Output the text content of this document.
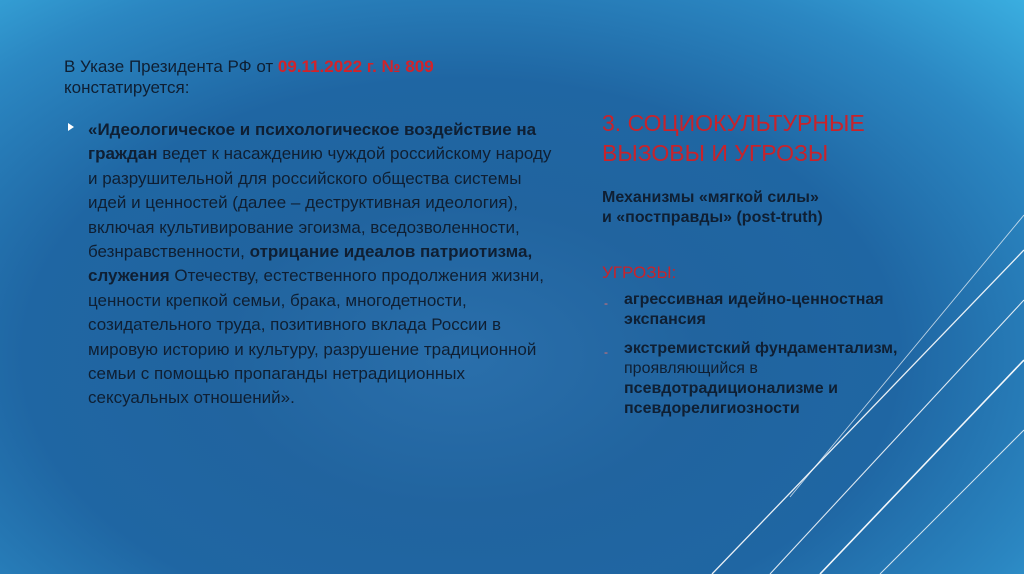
В Указе Президента РФ от 09.11.2022 г. № 809
констатируется:
«Идеологическое и психологическое воздействие на граждан ведет к насаждению чуждой российскому народу и разрушительной для российского общества системы идей и ценностей (далее – деструктивная идеология), включая культивирование эгоизма, вседозволенности, безнравственности, отрицание идеалов патриотизма, служения Отечеству, естественного продолжения жизни, ценности крепкой семьи, брака, многодетности, созидательного труда, позитивного вклада России в мировую историю и культуру, разрушение традиционной семьи с помощью пропаганды нетрадиционных сексуальных отношений».
3. СОЦИОКУЛЬТУРНЫЕ ВЫЗОВЫ И УГРОЗЫ
Механизмы «мягкой силы»
и «постправды» (post-truth)
УГРОЗЫ:
- агрессивная идейно-ценностная экспансия
- экстремистский фундаментализм, проявляющийся в псевдотрадиционализме и псевдорелигиозности
